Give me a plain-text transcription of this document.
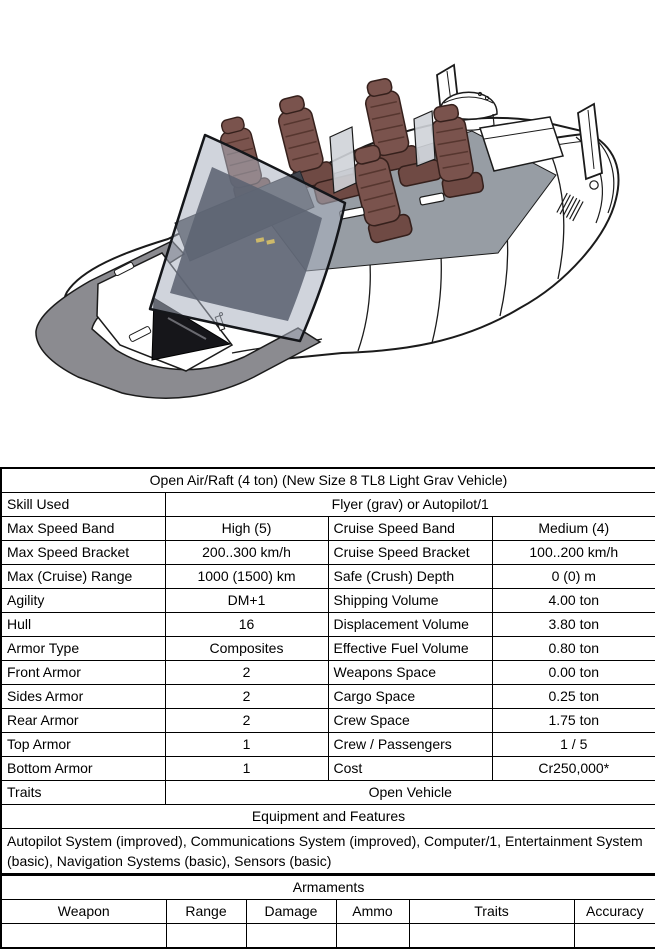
Open Air/Raft (4 ton) (New Size 8 TL8 Light Grav Vehicle)			
Skill Used	Flyer (grav) or Autopilot/1		
Max Speed Band	High (5)	Cruise Speed Band	Medium (4)
Max Speed Bracket	200..300 km/h	Cruise Speed Bracket	100..200 km/h
Max (Cruise) Range	1000 (1500) km	Safe (Crush) Depth	0 (0) m
Agility	DM+1	Shipping Volume	4.00 ton
Hull	16	Displacement Volume	3.80 ton
Armor Type	Composites	Effective Fuel Volume	0.80 ton
Front Armor	2	Weapons Space	0.00 ton
Sides Armor	2	Cargo Space	0.25 ton
Rear Armor	2	Crew Space	1.75 ton
Top Armor	1	Crew / Passengers	1 / 5
Bottom Armor	1	Cost	Cr250,000*
Traits	Open Vehicle		
Equipment and Features			
Autopilot System (improved), Communications System (improved), Computer/1, Entertainment System (basic), Navigation Systems (basic), Sensors (basic)			
Armaments					
Weapon	Range	Damage	Ammo	Traits	Accuracy
